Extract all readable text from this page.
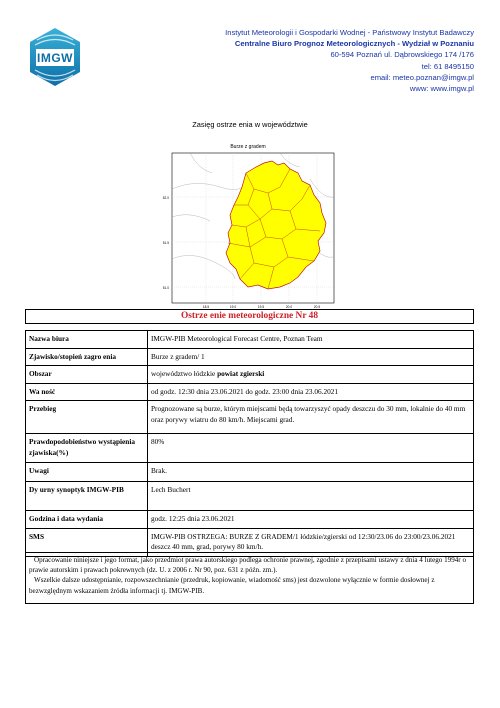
IMGW
Instytut Meteorologii i Gospodarki Wodnej - Państwowy Instytut Badawczy
Centralne Biuro Prognoz Meteorologicznych - Wydział w Poznaniu
60-594 Poznań ul. Dąbrowskiego 174 /176
tel: 61 8495150
email: meteo.poznan@imgw.pl
www: www.imgw.pl
Zasięg ostrze enia w województwie
Burze z gradem
52.0
51.5
51.0
18.5	19.0	19.5	20.0	20.5
Ostrze enie meteorologiczne Nr 48
Nazwa biura	IMGW-PIB Meteorological Forecast Centre, Poznan Team
Zjawisko/stopień zagro enia	Burze z gradem/ 1
Obszar	województwo łódzkie powiat zgierski
Wa ność	od godz. 12:30 dnia 23.06.2021 do godz. 23:00 dnia 23.06.2021
Przebieg	Prognozowane są burze, którym miejscami będą towarzyszyć opady deszczu do 30 mm, lokalnie do 40 mm oraz porywy wiatru do 80 km/h. Miejscami grad.
Prawdopodobieństwo wystąpienia zjawiska(%)	80%
Uwagi	Brak.
Dy urny synoptyk IMGW-PIB	Lech Buchert
Godzina i data wydania	godz. 12:25 dnia 23.06.2021
SMS	IMGW-PIB OSTRZEGA: BURZE Z GRADEM/1 łódzkie/zgierski od 12:30/23.06 do 23:00/23.06.2021 deszcz 40 mm, grad, porywy 80 km/h.

Opracowanie niniejsze i jego format, jako przedmiot prawa autorskiego podlega ochronie prawnej, zgodnie z przepisami ustawy z dnia 4 lutego 1994r o prawie autorskim i prawach pokrewnych (dz. U. z 2006 r. Nr 90, poz. 631 z późn. zm.).

Wszelkie dalsze udostępnianie, rozpowszechnianie (przedruk, kopiowanie, wiadomość sms) jest dozwolone wyłącznie w formie dosłownej z bezwzględnym wskazaniem źródła informacji tj. IMGW-PIB.
